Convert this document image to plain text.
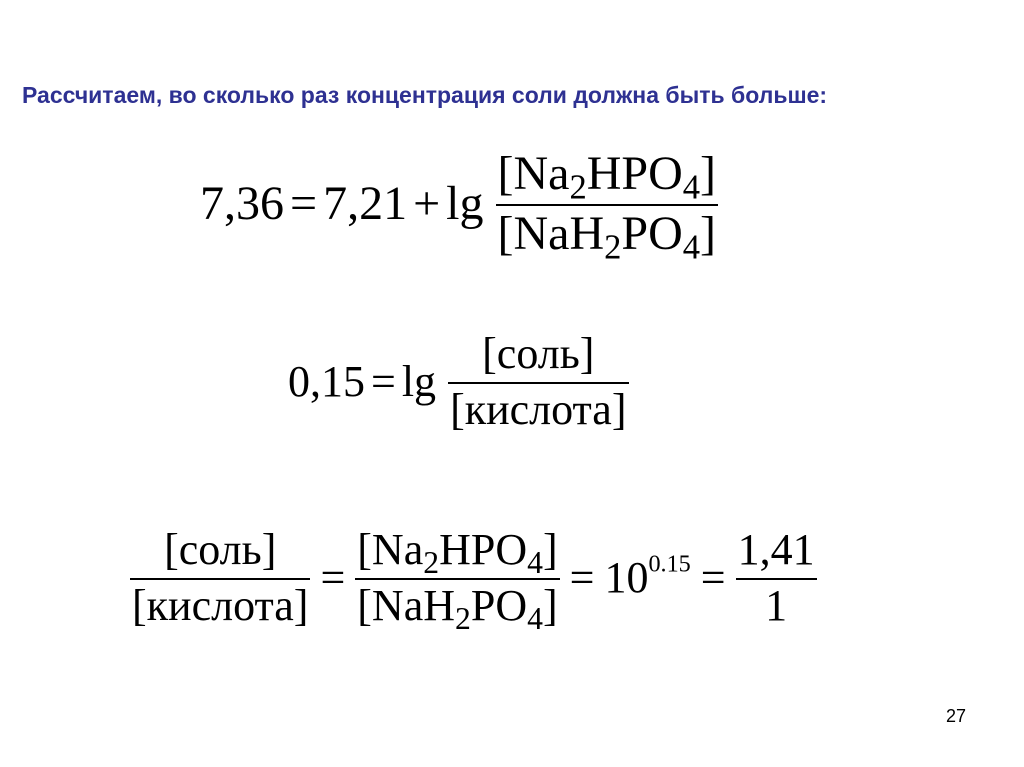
Рассчитаем, во сколько раз концентрация соли должна быть больше:
$7,36 = 7,21 + \lg \frac{[Na_2HPO_4]}{[NaH_2PO_4]}$
$0,15 = \lg \frac{\text{[соль]}}{\text{[кислота]}}$
$\frac{\text{[соль]}}{\text{[кислота]}} = \frac{[Na_2HPO_4]}{[NaH_2PO_4]} = 10^{0.15} = \frac{1,41}{1}$
27
